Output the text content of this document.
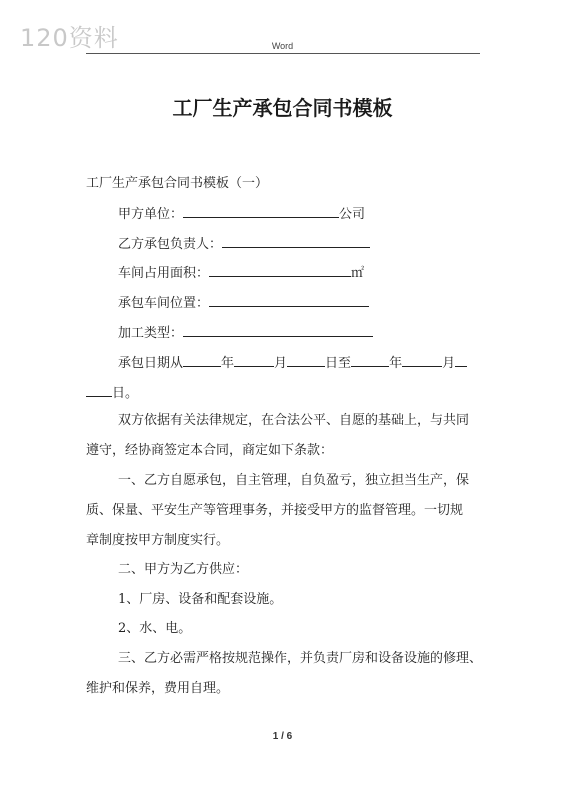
120资料	Word
工厂生产承包合同书模板
工厂生产承包合同书模板（一）
甲方单位：	公司
乙方承包负责人：
车间占用面积：	㎡
承包车间位置：
加工类型：
承包日期从	年	月	日至	年	月
日。
双方依据有关法律规定，在合法公平、自愿的基础上，与共同
遵守，经协商签定本合同，商定如下条款：
一、乙方自愿承包，自主管理，自负盈亏，独立担当生产，保
质、保量、平安生产等管理事务，并接受甲方的监督管理。一切规
章制度按甲方制度实行。
二、甲方为乙方供应：
1、厂房、设备和配套设施。
2、水、电。
三、乙方必需严格按规范操作，并负责厂房和设备设施的修理、
维护和保养，费用自理。
1 / 6
